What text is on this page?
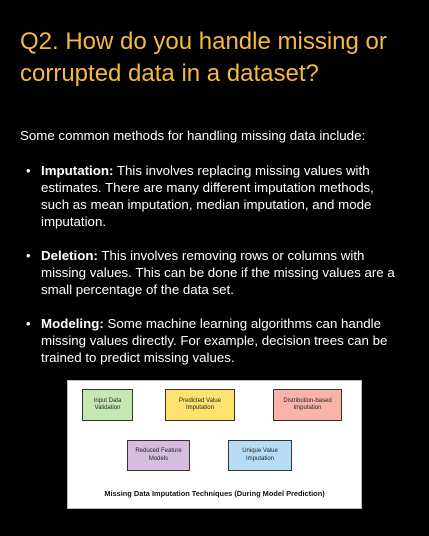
Q2. How do you handle missing or corrupted data in a dataset?

Some common methods for handling missing data include:

• Imputation: This involves replacing missing values with estimates. There are many different imputation methods, such as mean imputation, median imputation, and mode imputation.
• Deletion: This involves removing rows or columns with missing values. This can be done if the missing values are a small percentage of the data set.
• Modeling: Some machine learning algorithms can handle missing values directly. For example, decision trees can be trained to predict missing values.
Input Data
Validation
Predicted Value
Imputation
Distribution-based
Imputation
Reduced Feature
Models
Unique Value
Imputation
Missing Data Imputation Techniques (During Model Prediction)
